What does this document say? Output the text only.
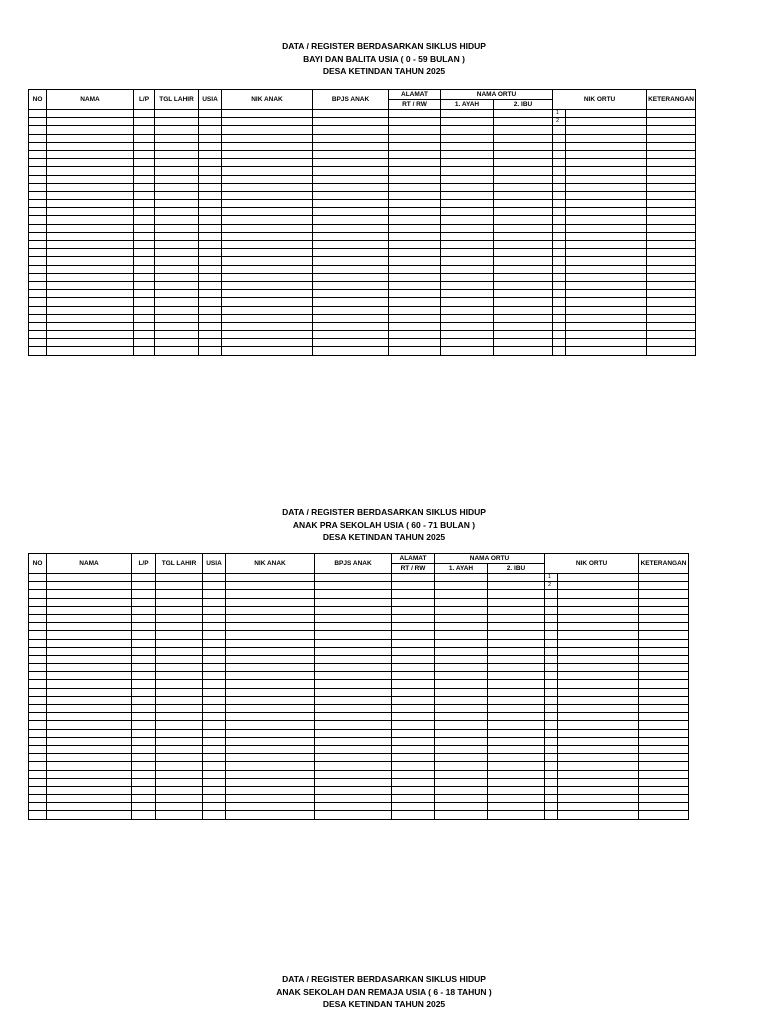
DATA / REGISTER BERDASARKAN SIKLUS HIDUP
BAYI DAN BALITA USIA ( 0 - 59 BULAN )
DESA KETINDAN TAHUN 2025
NO	NAMA	L/P	TGL LAHIR	USIA	NIK ANAK	BPJS ANAK	ALAMAT	NAMA ORTU		NIK ORTU		KETERANGAN
							RT / RW	1. AYAH	2. IBU			
										1		
										2		

DATA / REGISTER BERDASARKAN SIKLUS HIDUP
ANAK PRA SEKOLAH USIA ( 60 - 71 BULAN )
DESA KETINDAN TAHUN 2025
NO	NAMA	L/P	TGL LAHIR	USIA	NIK ANAK	BPJS ANAK	ALAMAT	NAMA ORTU		NIK ORTU		KETERANGAN
							RT / RW	1. AYAH	2. IBU			
										1		
										2		

DATA / REGISTER BERDASARKAN SIKLUS HIDUP
ANAK SEKOLAH DAN REMAJA USIA ( 6 - 18 TAHUN )
DESA KETINDAN TAHUN 2025
